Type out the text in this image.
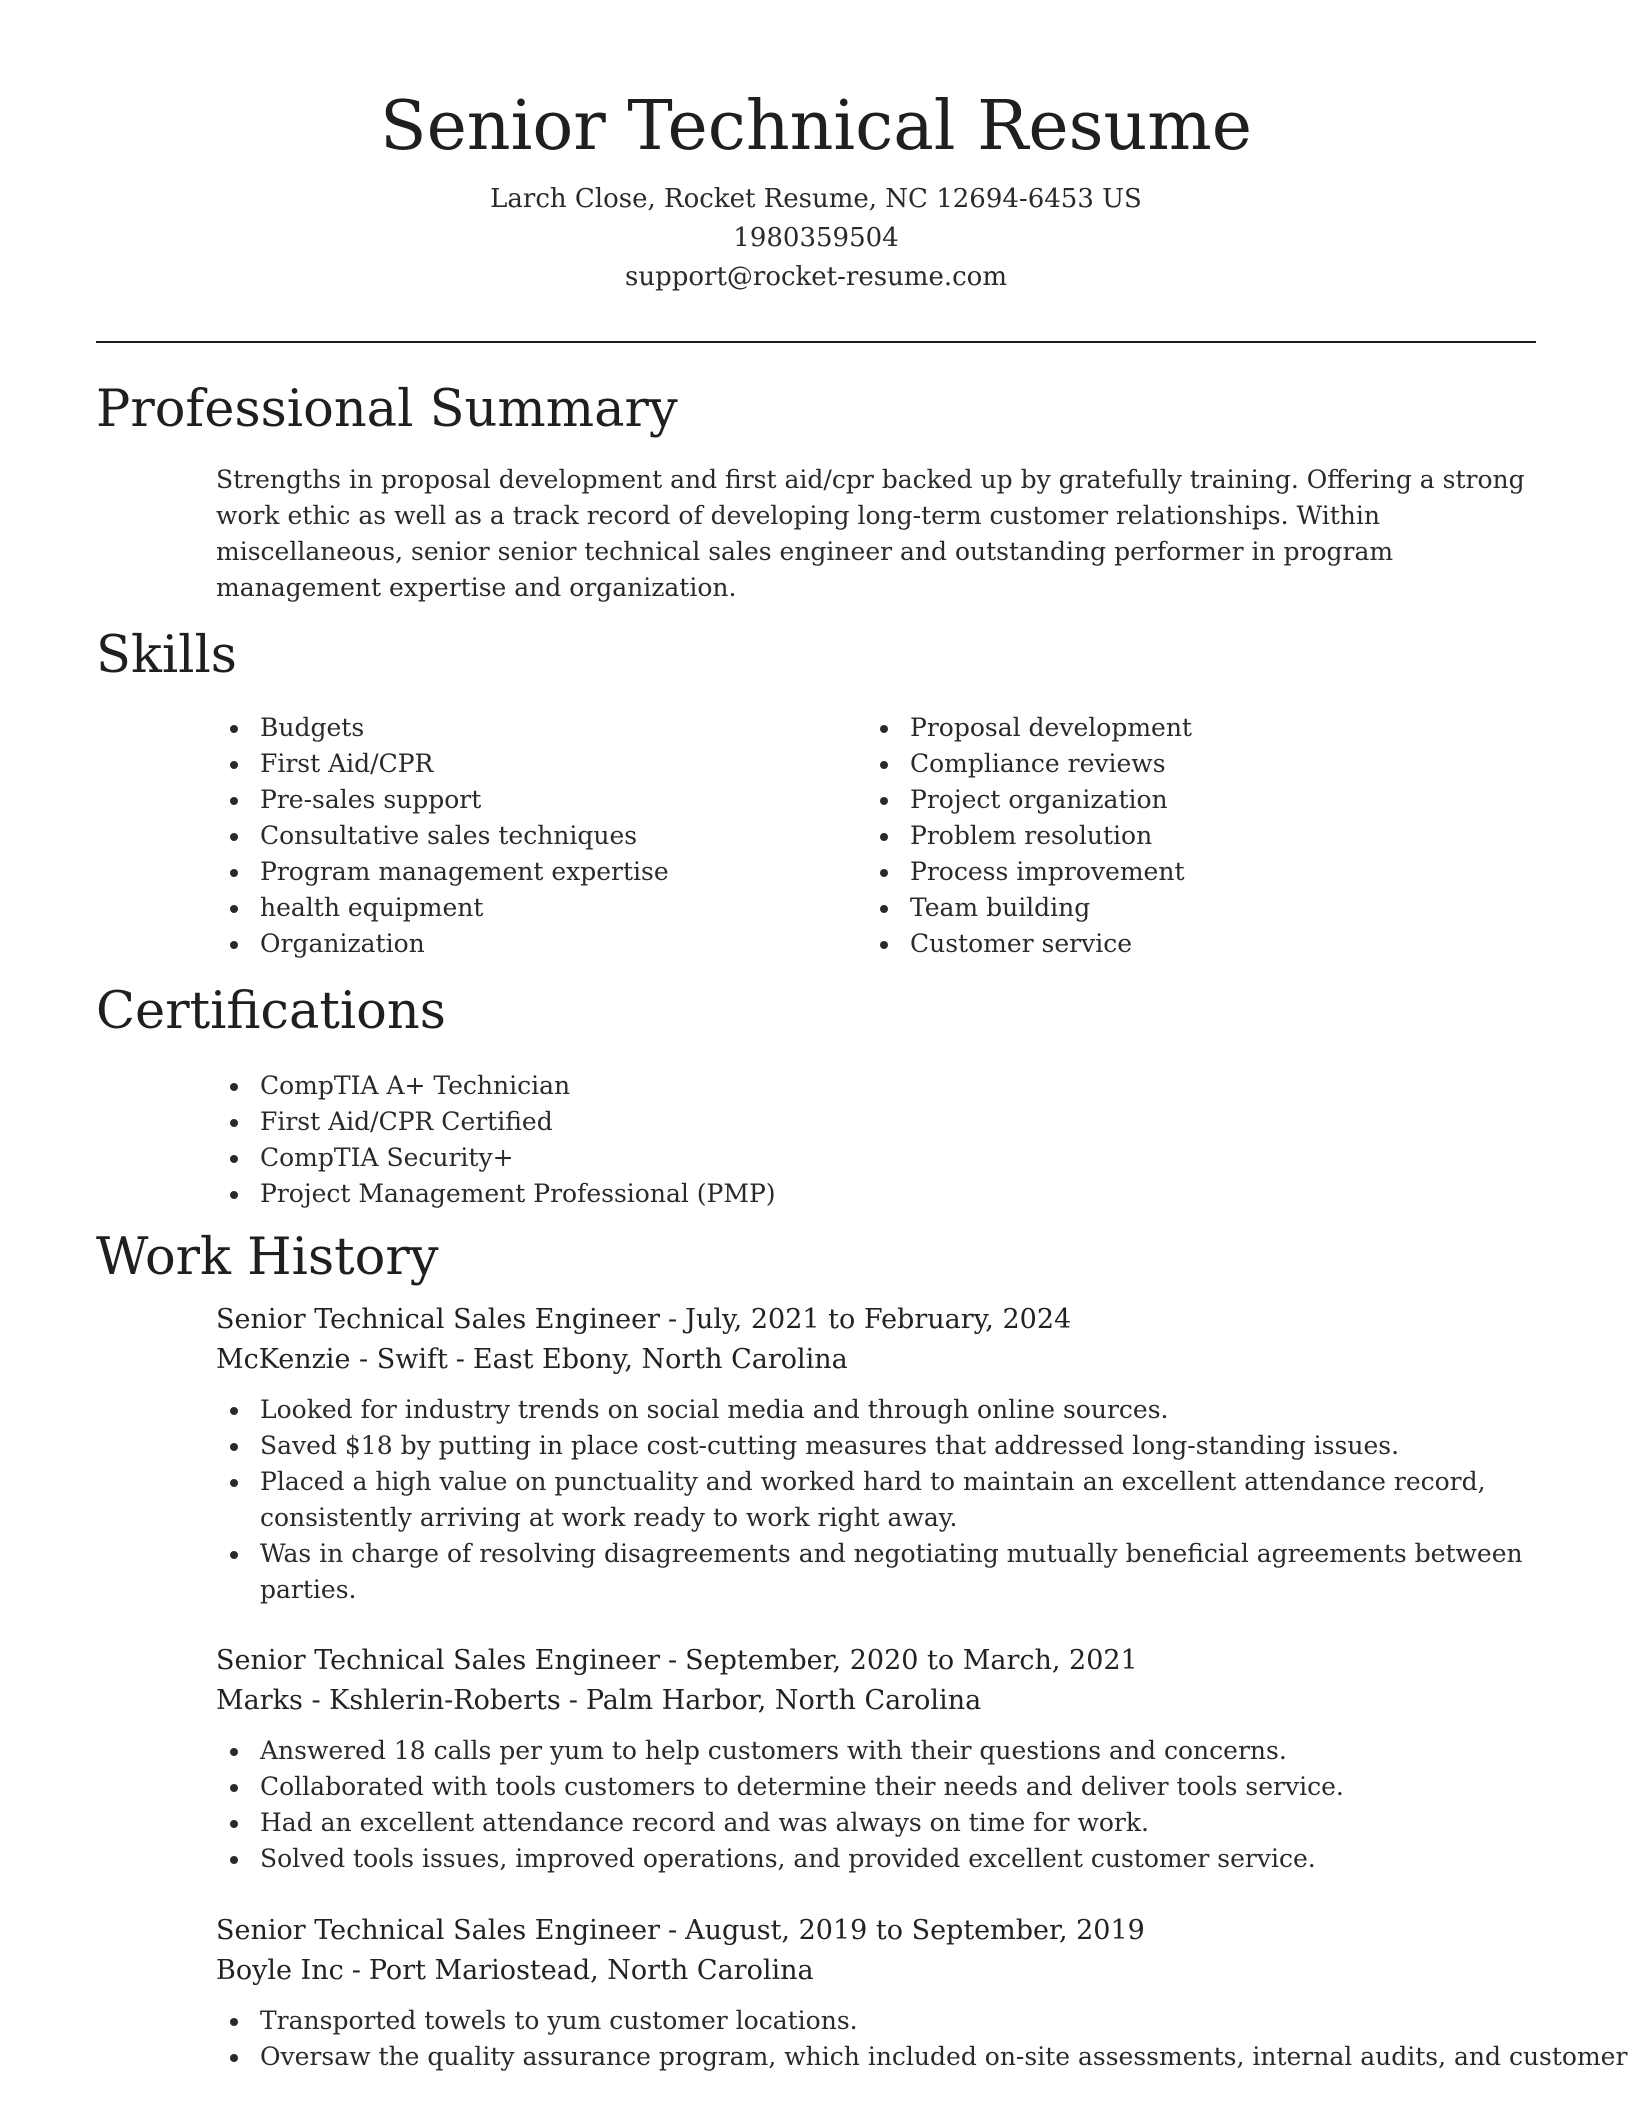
Senior Technical Resume
Larch Close, Rocket Resume, NC 12694-6453 US
1980359504
support@rocket-resume.com
Professional Summary

Strengths in proposal development and first aid/cpr backed up by gratefully training. Offering a strong work ethic as well as a track record of developing long-term customer relationships. Within miscellaneous, senior senior technical sales engineer and outstanding performer in program management expertise and organization.

Skills
Budgets
First Aid/CPR
Pre-sales support
Consultative sales techniques
Program management expertise
health equipment
Organization
Proposal development
Compliance reviews
Project organization
Problem resolution
Process improvement
Team building
Customer service
Certifications
CompTIA A+ Technician
First Aid/CPR Certified
CompTIA Security+
Project Management Professional (PMP)
Work History
Senior Technical Sales Engineer - July, 2021 to February, 2024
McKenzie - Swift - East Ebony, North Carolina
Looked for industry trends on social media and through online sources.
Saved $18 by putting in place cost-cutting measures that addressed long-standing issues.
Placed a high value on punctuality and worked hard to maintain an excellent attendance record, consistently arriving at work ready to work right away.
Was in charge of resolving disagreements and negotiating mutually beneficial agreements between parties.
Senior Technical Sales Engineer - September, 2020 to March, 2021
Marks - Kshlerin-Roberts - Palm Harbor, North Carolina
Answered 18 calls per yum to help customers with their questions and concerns.
Collaborated with tools customers to determine their needs and deliver tools service.
Had an excellent attendance record and was always on time for work.
Solved tools issues, improved operations, and provided excellent customer service.
Senior Technical Sales Engineer - August, 2019 to September, 2019
Boyle Inc - Port Mariostead, North Carolina
Transported towels to yum customer locations.
Oversaw the quality assurance program, which included on-site assessments, internal audits, and customer
